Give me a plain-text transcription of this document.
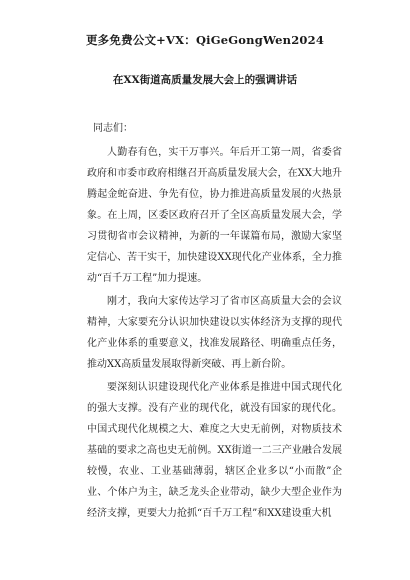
更多免费公文+VX：QiGeGongWen2024
在XX街道高质量发展大会上的强调讲话

同志们：

人勤春有色，实干万事兴。年后开工第一周，省委省政府和市委市政府相继召开高质量发展大会，在XX大地升腾起金蛇奋进、争先有位，协力推进高质量发展的火热景象。在上周，区委区政府召开了全区高质量发展大会，学习贯彻省市会议精神，为新的一年谋篇布局，激励大家坚定信心、苦干实干，加快建设XX现代化产业体系，全力推动“百千万工程”加力提速。

刚才，我向大家传达学习了省市区高质量大会的会议精神，大家要充分认识加快建设以实体经济为支撑的现代化产业体系的重要意义，找准发展路径、明确重点任务，推动XX高质量发展取得新突破、再上新台阶。

要深刻认识建设现代化产业体系是推进中国式现代化的强大支撑。没有产业的现代化，就没有国家的现代化。中国式现代化规模之大、难度之大史无前例，对物质技术基础的要求之高也史无前例。XX街道一二三产业融合发展较慢，农业、工业基础薄弱，辖区企业多以“小而散”企业、个体户为主，缺乏龙头企业带动，缺少大型企业作为经济支撑，更要大力抢抓“百千万工程”和XX建设重大机
